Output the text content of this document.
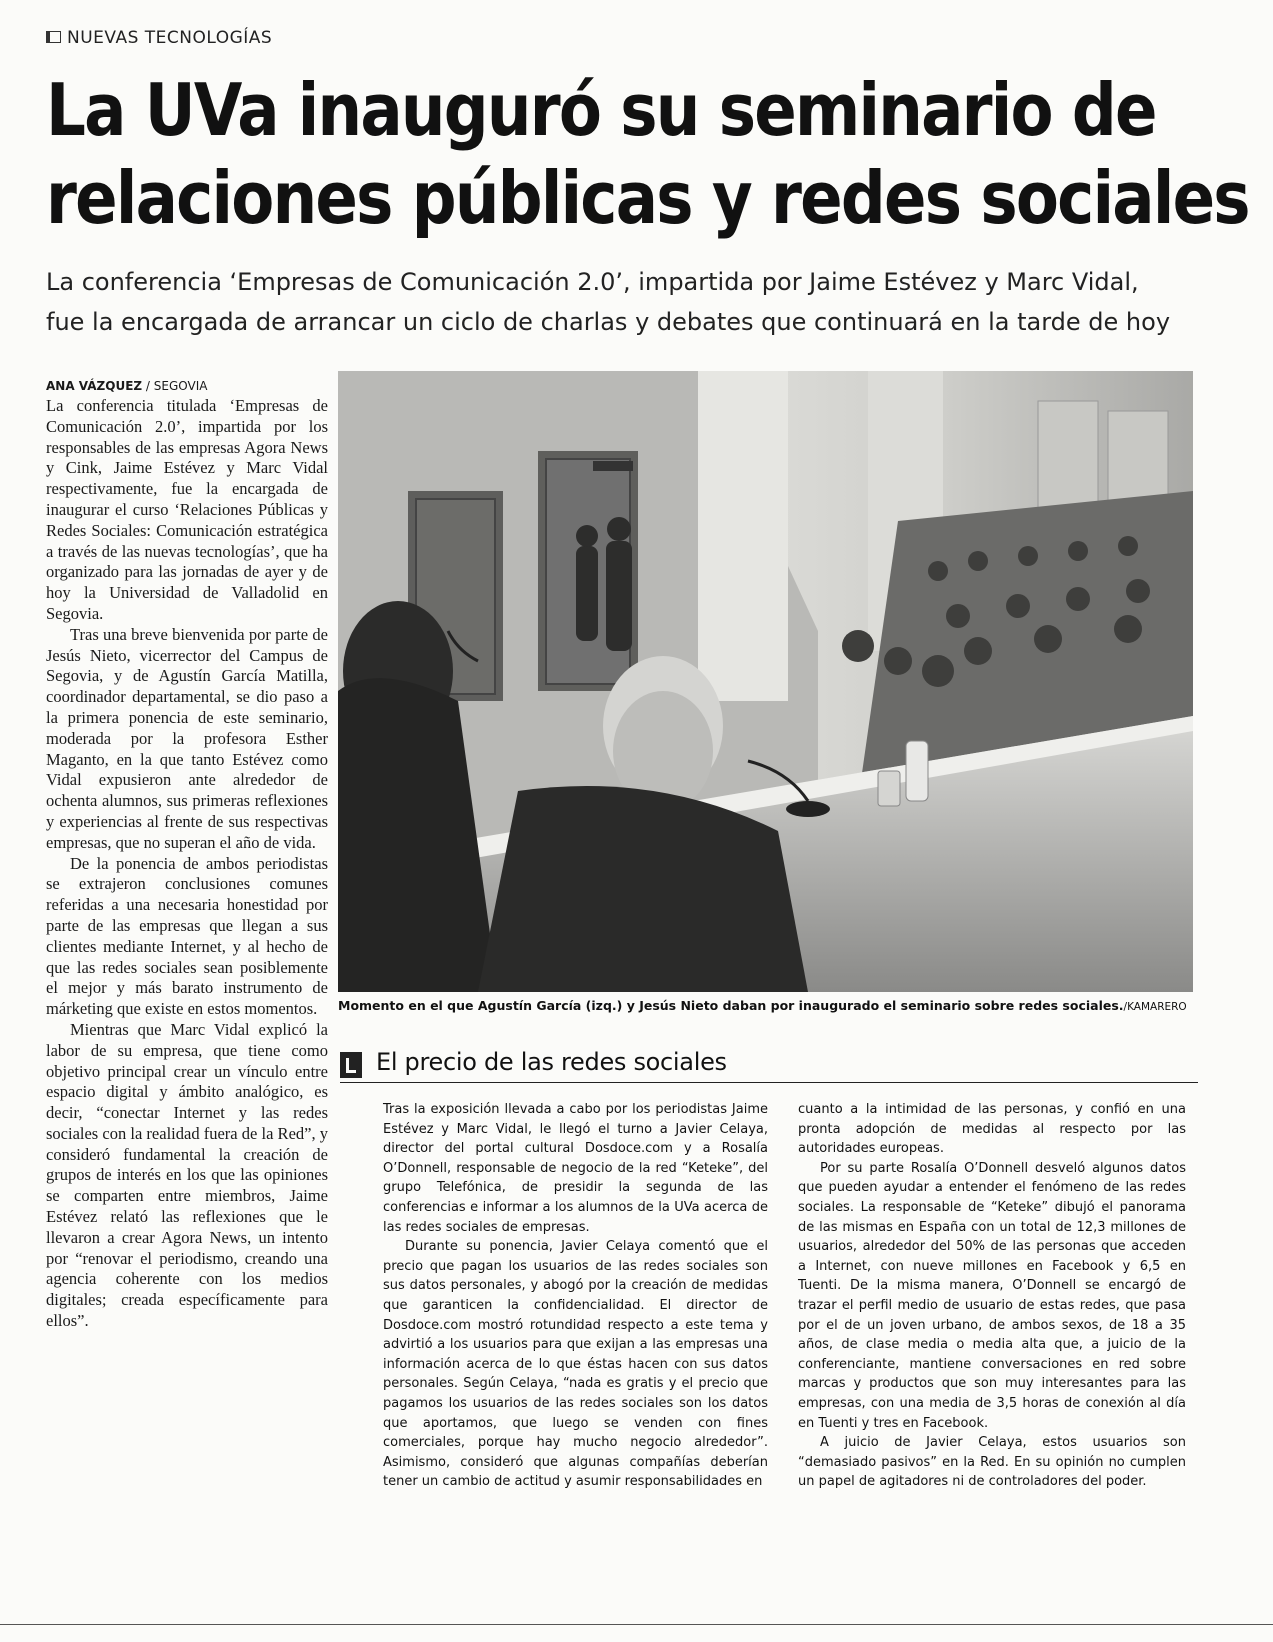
NUEVAS TECNOLOGÍAS
La UVa inauguró su seminario de
relaciones públicas y redes sociales

La conferencia ‘Empresas de Comunicación 2.0’, impartida por Jaime Estévez y Marc Vidal,
fue la encargada de arrancar un ciclo de charlas y debates que continuará en la tarde de hoy

ANA VÁZQUEZ / SEGOVIA

La conferencia titulada ‘Empresas de Comunicación 2.0’, impartida por los responsables de las empresas Agora News y Cink, Jaime Estévez y Marc Vidal respectivamente, fue la encargada de inaugurar el curso ‘Relaciones Públicas y Redes Sociales: Comunicación estratégica a través de las nuevas tecnologías’, que ha organizado para las jornadas de ayer y de hoy la Universidad de Valladolid en Segovia.

Tras una breve bienvenida por parte de Jesús Nieto, vicerrector del Campus de Segovia, y de Agustín García Matilla, coordinador departamental, se dio paso a la primera ponencia de este seminario, moderada por la profesora Esther Maganto, en la que tanto Estévez como Vidal expusieron ante alrededor de ochenta alumnos, sus primeras reflexiones y experiencias al frente de sus respectivas empresas, que no superan el año de vida.

De la ponencia de ambos periodistas se extrajeron conclusiones comunes referidas a una necesaria honestidad por parte de las empresas que llegan a sus clientes mediante Internet, y al hecho de que las redes sociales sean posiblemente el mejor y más barato instrumento de márketing que existe en estos momentos.

Mientras que Marc Vidal explicó la labor de su empresa, que tiene como objetivo principal crear un vínculo entre espacio digital y ámbito analógico, es decir, “conectar Internet y las redes sociales con la realidad fuera de la Red”, y consideró fundamental la creación de grupos de interés en los que las opiniones se comparten entre miembros, Jaime Estévez relató las reflexiones que le llevaron a crear Agora News, un intento por “renovar el periodismo, creando una agencia coherente con los medios digitales; creada específicamente para ellos”.

Momento en el que Agustín García (izq.) y Jesús Nieto daban por inaugurado el seminario sobre redes sociales./KAMARERO
El precio de las redes sociales

Tras la exposición llevada a cabo por los periodistas Jaime Estévez y Marc Vidal, le llegó el turno a Javier Celaya, director del portal cultural Dosdoce.com y a Rosalía O’Donnell, responsable de negocio de la red “Keteke”, del grupo Telefónica, de presidir la segunda de las conferencias e informar a los alumnos de la UVa acerca de las redes sociales de empresas.

Durante su ponencia, Javier Celaya comentó que el precio que pagan los usuarios de las redes sociales son sus datos personales, y abogó por la creación de medidas que garanticen la confidencialidad. El director de Dosdoce.com mostró rotundidad respecto a este tema y advirtió a los usuarios para que exijan a las empresas una información acerca de lo que éstas hacen con sus datos personales. Según Celaya, “nada es gratis y el precio que pagamos los usuarios de las redes sociales son los datos que aportamos, que luego se venden con fines comerciales, porque hay mucho negocio alrededor”. Asimismo, consideró que algunas compañías deberían tener un cambio de actitud y asumir responsabilidades en

cuanto a la intimidad de las personas, y confió en una pronta adopción de medidas al respecto por las autoridades europeas.

Por su parte Rosalía O’Donnell desveló algunos datos que pueden ayudar a entender el fenómeno de las redes sociales. La responsable de “Keteke” dibujó el panorama de las mismas en España con un total de 12,3 millones de usuarios, alrededor del 50% de las personas que acceden a Internet, con nueve millones en Facebook y 6,5 en Tuenti. De la misma manera, O’Donnell se encargó de trazar el perfil medio de usuario de estas redes, que pasa por el de un joven urbano, de ambos sexos, de 18 a 35 años, de clase media o media alta que, a juicio de la conferenciante, mantiene conversaciones en red sobre marcas y productos que son muy interesantes para las empresas, con una media de 3,5 horas de conexión al día en Tuenti y tres en Facebook.

A juicio de Javier Celaya, estos usuarios son “demasiado pasivos” en la Red. En su opinión no cumplen un papel de agitadores ni de controladores del poder.
